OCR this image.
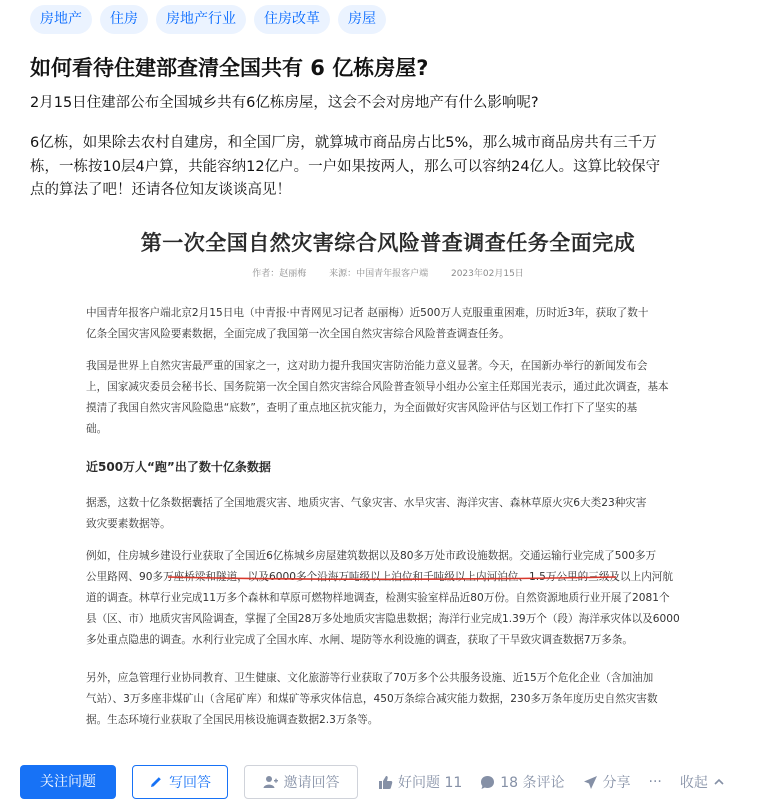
房地产	住房	房地产行业	住房改革	房屋
如何看待住建部查清全国共有 6 亿栋房屋?
2月15日住建部公布全国城乡共有6亿栋房屋，这会不会对房地产有什么影响呢?
6亿栋，如果除去农村自建房，和全国厂房，就算城市商品房占比5%，那么城市商品房共有三千万栋，一栋按10层4户算，共能容纳12亿户。一户如果按两人，那么可以容纳24亿人。这算比较保守点的算法了吧！还请各位知友谈谈高见！
第一次全国自然灾害综合风险普查调查任务全面完成
作者：赵丽梅	来源：中国青年报客户端	2023年02月15日
中国青年报客户端北京2月15日电（中青报·中青网见习记者 赵丽梅）近500万人克服重重困难，历时近3年，获取了数十
亿条全国灾害风险要素数据，全面完成了我国第一次全国自然灾害综合风险普查调查任务。
我国是世界上自然灾害最严重的国家之一，这对助力提升我国灾害防治能力意义显著。今天，在国新办举行的新闻发布会
上，国家减灾委员会秘书长、国务院第一次全国自然灾害综合风险普查领导小组办公室主任郑国光表示，通过此次调查，基本
摸清了我国自然灾害风险隐患“底数”，查明了重点地区抗灾能力，为全面做好灾害风险评估与区划工作打下了坚实的基
础。
近500万人“跑”出了数十亿条数据
据悉，这数十亿条数据囊括了全国地震灾害、地质灾害、气象灾害、水旱灾害、海洋灾害、森林草原火灾6大类23种灾害
致灾要素数据等。
例如，住房城乡建设行业获取了全国近6亿栋城乡房屋建筑数据以及80多万处市政设施数据。交通运输行业完成了500多万
公里路网、90多万座桥梁和隧道，以及6000多个沿海万吨级以上泊位和千吨级以上内河泊位、1.5万公里的三级及以上内河航
道的调查。林草行业完成11万多个森林和草原可燃物样地调查，检测实验室样品近80万份。自然资源地质行业开展了2081个
县（区、市）地质灾害风险调查，掌握了全国28万多处地质灾害隐患数据；海洋行业完成1.39万个（段）海洋承灾体以及6000
多处重点隐患的调查。水利行业完成了全国水库、水闸、堤防等水利设施的调查，获取了干旱致灾调查数据7万多条。
另外，应急管理行业协同教育、卫生健康、文化旅游等行业获取了70万多个公共服务设施、近15万个危化企业（含加油加
气站）、3万多座非煤矿山（含尾矿库）和煤矿等承灾体信息，450万条综合减灾能力数据，230多万条年度历史自然灾害数
据。生态环境行业获取了全国民用核设施调查数据2.3万条等。
关注问题	写回答	邀请回答	好问题 11	18 条评论	分享 ··· 收起
